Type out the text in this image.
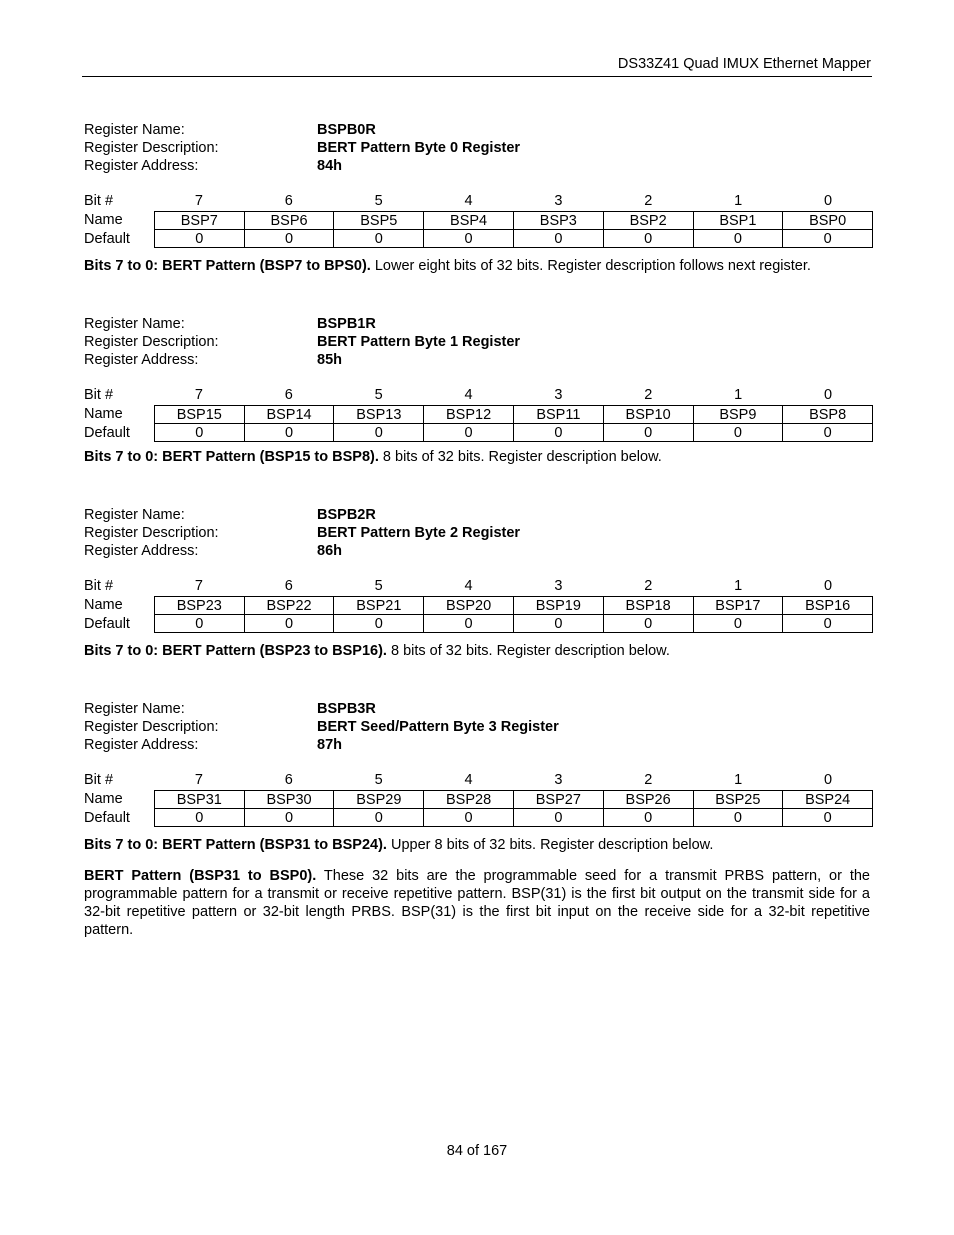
DS33Z41 Quad IMUX Ethernet Mapper
Register Name:	BSPB0R
Register Description:	BERT Pattern Byte 0 Register
Register Address:	84h
Bit #	7	6	5	4	3	2	1	0
Name	BSP7	BSP6	BSP5	BSP4	BSP3	BSP2	BSP1	BSP0
Default	0	0	0	0	0	0	0	0
Bits 7 to 0: BERT Pattern (BSP7 to BPS0). Lower eight bits of 32 bits. Register description follows next register.
Register Name:	BSPB1R
Register Description:	BERT Pattern Byte 1 Register
Register Address:	85h
Bit #	7	6	5	4	3	2	1	0
Name	BSP15	BSP14	BSP13	BSP12	BSP11	BSP10	BSP9	BSP8
Default	0	0	0	0	0	0	0	0
Bits 7 to 0: BERT Pattern (BSP15 to BSP8). 8 bits of 32 bits. Register description below.
Register Name:	BSPB2R
Register Description:	BERT Pattern Byte 2 Register
Register Address:	86h
Bit #	7	6	5	4	3	2	1	0
Name	BSP23	BSP22	BSP21	BSP20	BSP19	BSP18	BSP17	BSP16
Default	0	0	0	0	0	0	0	0
Bits 7 to 0: BERT Pattern (BSP23 to BSP16). 8 bits of 32 bits. Register description below.
Register Name:	BSPB3R
Register Description:	BERT Seed/Pattern Byte 3 Register
Register Address:	87h
Bit #	7	6	5	4	3	2	1	0
Name	BSP31	BSP30	BSP29	BSP28	BSP27	BSP26	BSP25	BSP24
Default	0	0	0	0	0	0	0	0
Bits 7 to 0: BERT Pattern (BSP31 to BSP24). Upper 8 bits of 32 bits. Register description below.
BERT Pattern (BSP31 to BSP0). These 32 bits are the programmable seed for a transmit PRBS pattern, or the programmable pattern for a transmit or receive repetitive pattern. BSP(31) is the first bit output on the transmit side for a 32-bit repetitive pattern or 32-bit length PRBS. BSP(31) is the first bit input on the receive side for a 32-bit repetitive pattern.
84 of 167
